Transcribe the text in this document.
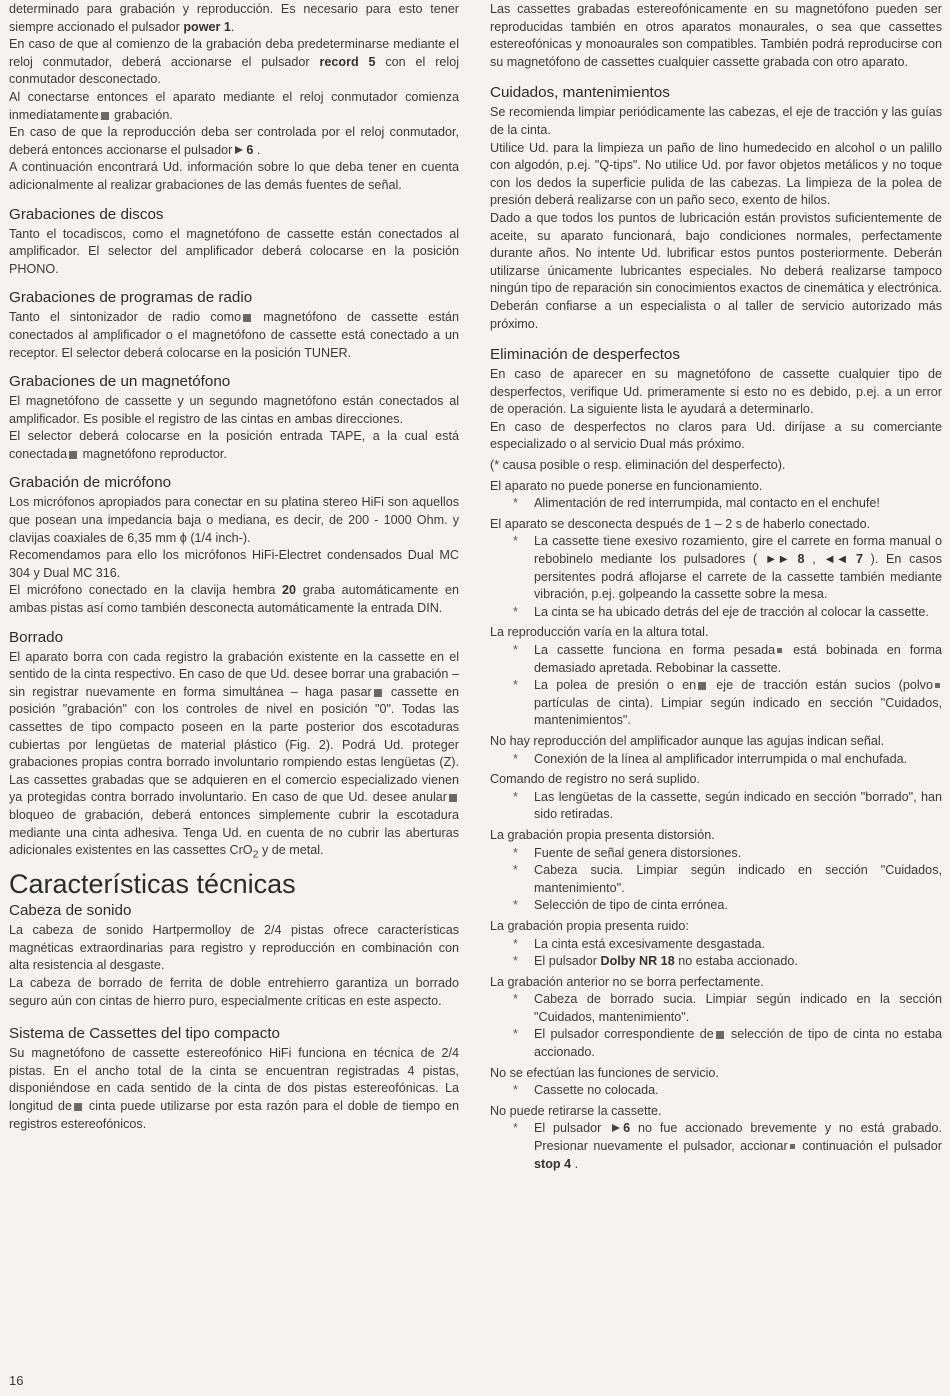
determinado para grabación y reproducción. Es necesario para esto tener siempre accionado el pulsador power 1.

En caso de que al comienzo de la grabación deba predeterminarse mediante el reloj conmutador, deberá accionarse el pulsador record 5 con el reloj conmutador desconectado.

Al conectarse entonces el aparato mediante el reloj conmutador comienza inmediatamente grabación.

En caso de que la reproducción deba ser controlada por el reloj conmutador, deberá entonces accionarse el pulsador 6 .

A continuación encontrará Ud. información sobre lo que deba tener en cuenta adicionalmente al realizar grabaciones de las demás fuentes de señal.

Grabaciones de discos

Tanto el tocadiscos, como el magnetófono de cassette están conectados al amplificador. El selector del amplificador deberá colocarse en la posición PHONO.

Grabaciones de programas de radio

Tanto el sintonizador de radio como magnetófono de cassette están conectados al amplificador o el magnetófono de cassette está conectado a un receptor. El selector deberá colocarse en la posición TUNER.

Grabaciones de un magnetófono

El magnetófono de cassette y un segundo magnetófono están conectados al amplificador. Es posible el registro de las cintas en ambas direcciones.

El selector deberá colocarse en la posición entrada TAPE, a la cual está conectada magnetófono reproductor.

Grabación de micrófono

Los micrófonos apropiados para conectar en su platina stereo HiFi son aquellos que posean una impedancia baja o mediana, es decir, de 200 - 1000 Ohm. y clavijas coaxiales de 6,35 mm ϕ (1/4 inch-).

Recomendamos para ello los micrófonos HiFi-Electret condensados Dual MC 304 y Dual MC 316.

El micrófono conectado en la clavija hembra 20 graba automáticamente en ambas pistas así como también desconecta automáticamente la entrada DIN.

Borrado

El aparato borra con cada registro la grabación existente en la cassette en el sentido de la cinta respectivo. En caso de que Ud. desee borrar una grabación – sin registrar nuevamente en forma simultánea – haga pasar cassette en posición "grabación" con los controles de nivel en posición "0". Todas las cassettes de tipo compacto poseen en la parte posterior dos escotaduras cubiertas por lengüetas de material plástico (Fig. 2). Podrá Ud. proteger grabaciones propias contra borrado involuntario rompiendo estas lengüetas (Z). Las cassettes grabadas que se adquieren en el comercio especializado vienen ya protegidas contra borrado involuntario. En caso de que Ud. desee anular bloqueo de grabación, deberá entonces simplemente cubrir la escotadura mediante una cinta adhesiva. Tenga Ud. en cuenta de no cubrir las aberturas adicionales existentes en las cassettes CrO$_2$ y de metal.

Características técnicas
Cabeza de sonido

La cabeza de sonido Hartpermolloy de 2/4 pistas ofrece características magnéticas extraordinarias para registro y reproducción en combinación con alta resistencia al desgaste.

La cabeza de borrado de ferrita de doble entrehierro garantiza un borrado seguro aún con cintas de hierro puro, especialmente críticas en este aspecto.

Sistema de Cassettes del tipo compacto

Su magnetófono de cassette estereofónico HiFi funciona en técnica de 2/4 pistas. En el ancho total de la cinta se encuentran registradas 4 pistas, disponiéndose en cada sentido de la cinta de dos pistas estereofónicas. La longitud de cinta puede utilizarse por esta razón para el doble de tiempo en registros estereofónicos.

Las cassettes grabadas estereofónicamente en su magnetófono pueden ser reproducidas también en otros aparatos monaurales, o sea que cassettes estereofónicas y monoaurales son compatibles. También podrá reproducirse con su magnetófono de cassettes cualquier cassette grabada con otro aparato.

Cuidados, mantenimientos

Se recomienda limpiar periódicamente las cabezas, el eje de tracción y las guías de la cinta.

Utilice Ud. para la limpieza un paño de lino humedecido en alcohol o un palillo con algodón, p.ej. "Q-tips". No utilice Ud. por favor objetos metálicos y no toque con los dedos la superficie pulida de las cabezas. La limpieza de la polea de presión deberá realizarse con un paño seco, exento de hilos.

Dado a que todos los puntos de lubricación están provistos suficientemente de aceite, su aparato funcionará, bajo condiciones normales, perfectamente durante años. No intente Ud. lubrificar estos puntos posteriormente. Deberán utilizarse únicamente lubricantes especiales. No deberá realizarse tampoco ningún tipo de reparación sin conocimientos exactos de cinemática y electrónica. Deberán confiarse a un especialista o al taller de servicio autorizado más próximo.

Eliminación de desperfectos

En caso de aparecer en su magnetófono de cassette cualquier tipo de desperfectos, verifique Ud. primeramente si esto no es debido, p.ej. a un error de operación. La siguiente lista le ayudará a determinarlo.

En caso de desperfectos no claros para Ud. diríjase a su comerciante especializado o al servicio Dual más próximo.

(* causa posible o resp. eliminación del desperfecto).

El aparato no puede ponerse en funcionamiento.

* Alimentación de red interrumpida, mal contacto en el enchufe!

El aparato se desconecta después de 1 – 2 s de haberlo conectado.

* La cassette tiene exesivo rozamiento, gire el carrete en forma manual o rebobinelo mediante los pulsadores ( ►► 8 , ◄◄ 7 ). En casos persitentes podrá aflojarse el carrete de la cassette también mediante vibración, p.ej. golpeando la cassette sobre la mesa.

* La cinta se ha ubicado detrás del eje de tracción al colocar la cassette.

La reproducción varía en la altura total.

* La cassette funciona en forma pesada está bobinada en forma demasiado apretada. Rebobinar la cassette.

* La polea de presión o en eje de tracción están sucios (polvo partículas de cinta). Limpiar según indicado en sección "Cuidados, mantenimientos".

No hay reproducción del amplificador aunque las agujas indican señal.

* Conexión de la línea al amplificador interrumpida o mal enchufada.

Comando de registro no será suplido.

* Las lengüetas de la cassette, según indicado en sección "borrado", han sido retiradas.

La grabación propia presenta distorsión.

* Fuente de señal genera distorsiones.

* Cabeza sucia. Limpiar según indicado en sección "Cuidados, mantenimiento".

* Selección de tipo de cinta errónea.

La grabación propia presenta ruido:

* La cinta está excesivamente desgastada.

* El pulsador Dolby NR 18 no estaba accionado.

La grabación anterior no se borra perfectamente.

* Cabeza de borrado sucia. Limpiar según indicado en la sección "Cuidados, mantenimiento".

* El pulsador correspondiente de selección de tipo de cinta no estaba accionado.

No se efectúan las funciones de servicio.

* Cassette no colocada.

No puede retirarse la cassette.

* El pulsador 6 no fue accionado brevemente y no está grabado. Presionar nuevamente el pulsador, accionar continuación el pulsador stop 4 .

16
